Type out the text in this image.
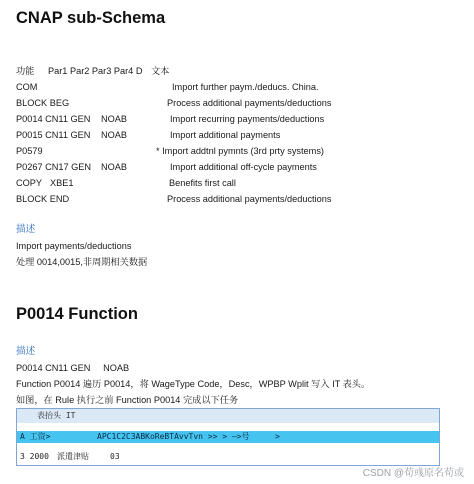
CNAP sub-Schema
功能 Par1 Par2 Par3 Par4 D 文本
COM	Import further paym./deducs. China.
BLOCK BEG	Process additional payments/deductions
P0014 CN11 GEN NOAB	Import recurring payments/deductions
P0015 CN11 GEN NOAB	Import additional payments
P0579	* Import addtnl pymnts (3rd prty systems)
P0267 CN17 GEN NOAB	Import additional off-cycle payments
COPY XBE1	Benefits first call
BLOCK END	Process additional payments/deductions
描述
Import payments/deductions
处理 0014,0015,非周期相关数据
P0014 Function
描述
P0014 CN11 GEN     NOAB
Function P0014 遍历 P0014，将 WageType Code，Desc，WPBP Wplit 写入 IT 表头。
如图，在 Rule 执行之前 Function P0014 完成以下任务
表抬头 IT
A 工资>	APC1C2C3ABKoReBTAvvTvn >> > —>号	>
3 2000 派遣津贴	03
CSDN @荀彧原名荀或
